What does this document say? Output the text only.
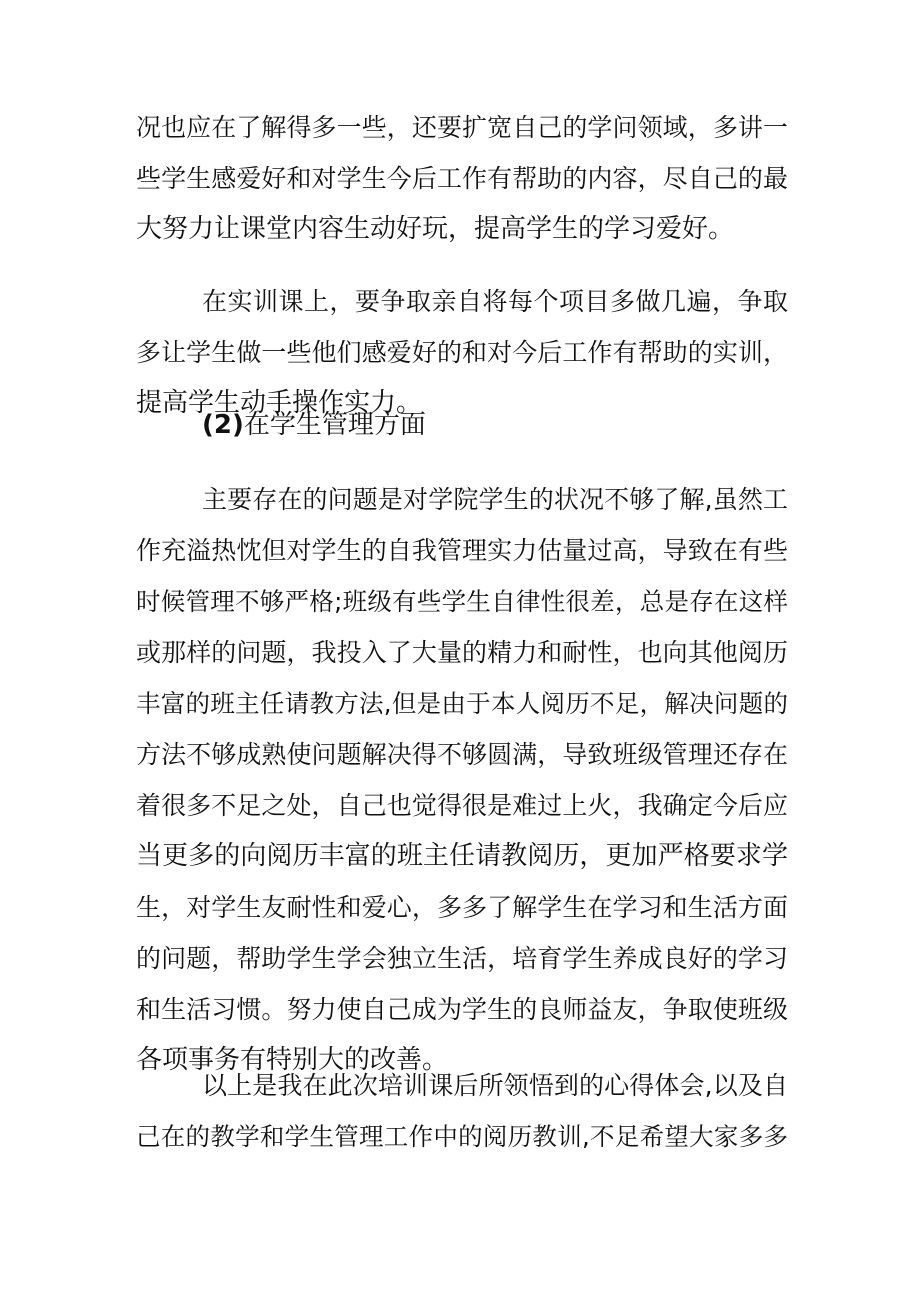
况也应在了解得多一些，还要扩宽自己的学问领域，多讲一
些学生感爱好和对学生今后工作有帮助的内容，尽自己的最
大努力让课堂内容生动好玩，提高学生的学习爱好。
在实训课上，要争取亲自将每个项目多做几遍，争取
多让学生做一些他们感爱好的和对今后工作有帮助的实训，
提高学生动手操作实力。
(2)在学生管理方面
主要存在的问题是对学院学生的状况不够了解,虽然工
作充溢热忱但对学生的自我管理实力估量过高，导致在有些
时候管理不够严格;班级有些学生自律性很差，总是存在这样
或那样的问题，我投入了大量的精力和耐性，也向其他阅历
丰富的班主任请教方法,但是由于本人阅历不足，解决问题的
方法不够成熟使问题解决得不够圆满，导致班级管理还存在
着很多不足之处，自己也觉得很是难过上火，我确定今后应
当更多的向阅历丰富的班主任请教阅历，更加严格要求学
生，对学生友耐性和爱心，多多了解学生在学习和生活方面
的问题，帮助学生学会独立生活，培育学生养成良好的学习
和生活习惯。努力使自己成为学生的良师益友，争取使班级
各项事务有特别大的改善。
以上是我在此次培训课后所领悟到的心得体会,以及自
己在的教学和学生管理工作中的阅历教训,不足希望大家多多
